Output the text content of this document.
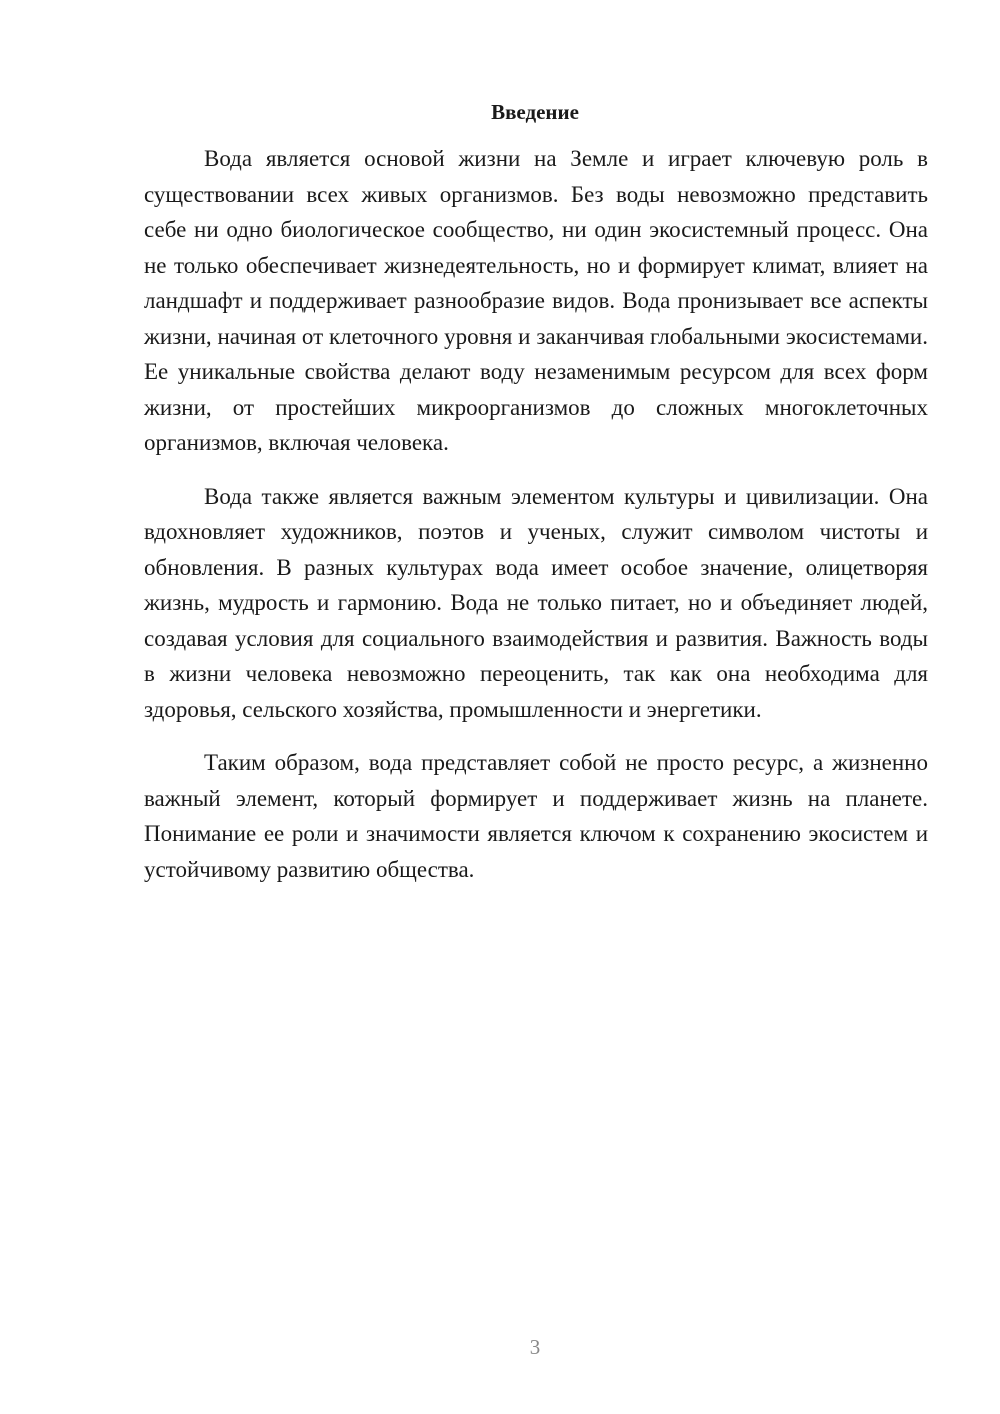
Введение

Вода является основой жизни на Земле и играет ключевую роль в существовании всех живых организмов. Без воды невозможно представить себе ни одно биологическое сообщество, ни один экосистемный процесс. Она не только обеспечивает жизнедеятельность, но и формирует климат, влияет на ландшафт и поддерживает разнообразие видов. Вода пронизывает все аспекты жизни, начиная от клеточного уровня и заканчивая глобальными экосистемами. Ее уникальные свойства делают воду незаменимым ресурсом для всех форм жизни, от простейших микроорганизмов до сложных многоклеточных организмов, включая человека.

Вода также является важным элементом культуры и цивилизации. Она вдохновляет художников, поэтов и ученых, служит символом чистоты и обновления. В разных культурах вода имеет особое значение, олицетворяя жизнь, мудрость и гармонию. Вода не только питает, но и объединяет людей, создавая условия для социального взаимодействия и развития. Важность воды в жизни человека невозможно переоценить, так как она необходима для здоровья, сельского хозяйства, промышленности и энергетики.

Таким образом, вода представляет собой не просто ресурс, а жизненно важный элемент, который формирует и поддерживает жизнь на планете. Понимание ее роли и значимости является ключом к сохранению экосистем и устойчивому развитию общества.

3
